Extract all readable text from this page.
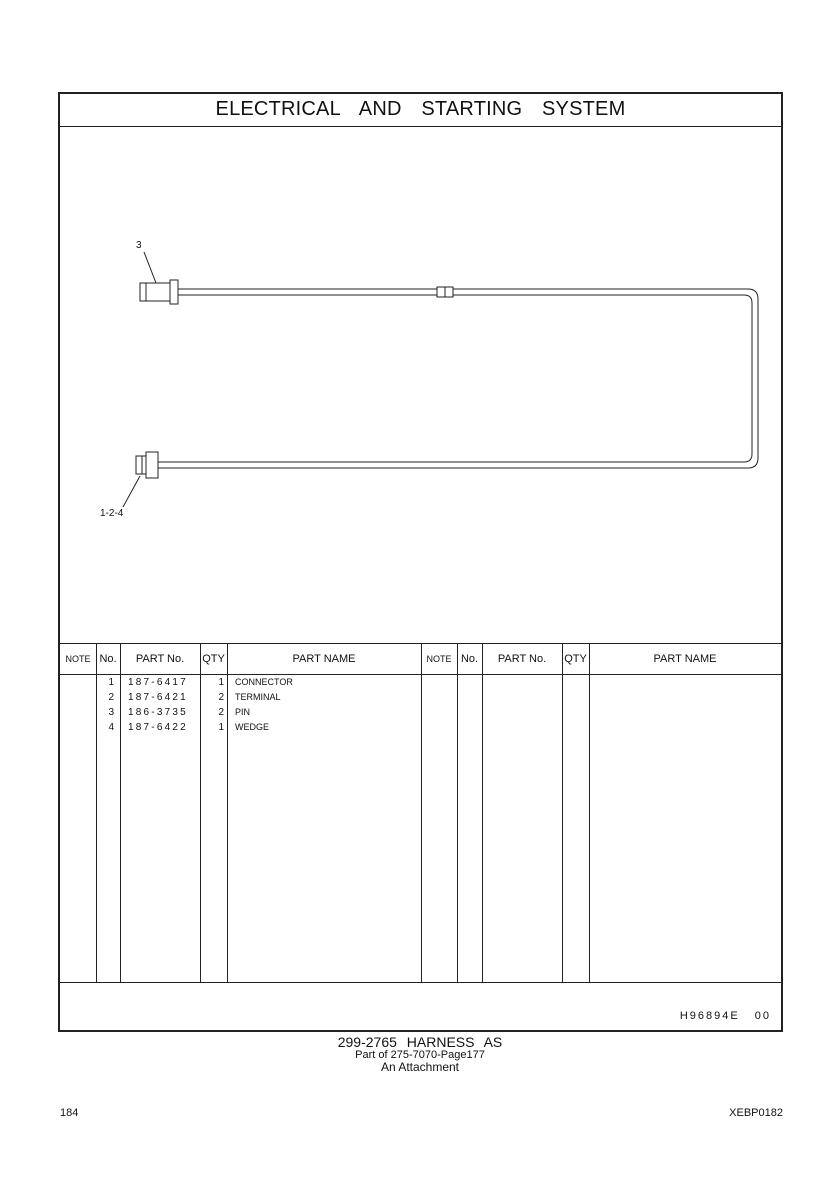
ELECTRICAL AND STARTING SYSTEM
3
1-2-4
NOTE No.	PART No.	QTY	PART NAME	NOTE No.	PART No.	QTY	PART NAME
1 187-6417	1 CONNECTOR
2 187-6421	2 TERMINAL
3 186-3735	2 PIN
4 187-6422	1 WEDGE
H96894E 00
299-2765 HARNESS AS
Part of 275-7070-Page177
An Attachment
184	XEBP0182
